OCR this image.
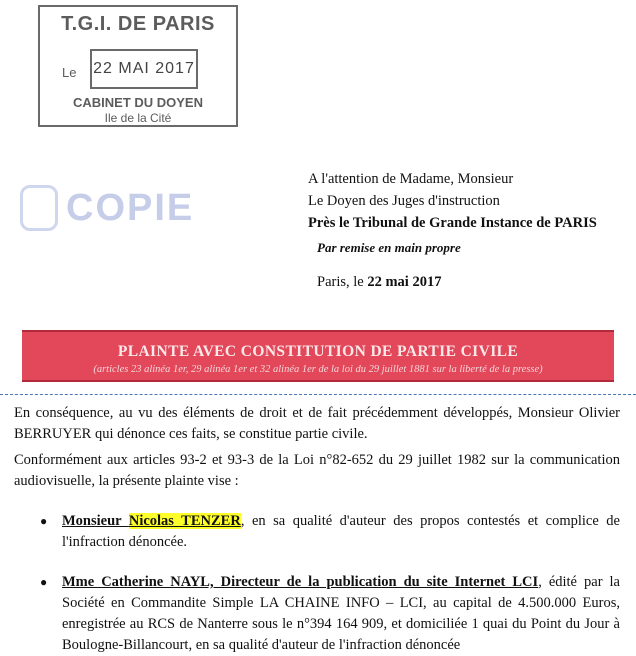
T.G.I. DE PARIS
Le 22 MAI 2017
CABINET DU DOYEN
Ile de la Cité
COPIE
A l'attention de Madame, Monsieur
Le Doyen des Juges d'instruction
Près le Tribunal de Grande Instance de PARIS
Par remise en main propre
Paris, le 22 mai 2017
PLAINTE AVEC CONSTITUTION DE PARTIE CIVILE
(articles 23 alinéa 1er, 29 alinéa 1er et 32 alinéa 1er de la loi du 29 juillet 1881 sur la liberté de la presse)
En conséquence, au vu des éléments de droit et de fait précédemment développés, Monsieur Olivier BERRUYER qui dénonce ces faits, se constitue partie civile.
Conformément aux articles 93-2 et 93-3 de la Loi n°82-652 du 29 juillet 1982 sur la communication audiovisuelle, la présente plainte vise :
● Monsieur Nicolas TENZER, en sa qualité d'auteur des propos contestés et complice de l'infraction dénoncée.
● Mme Catherine NAYL, Directeur de la publication du site Internet LCI, édité par la Société en Commandite Simple LA CHAINE INFO – LCI, au capital de 4.500.000 Euros, enregistrée au RCS de Nanterre sous le n°394 164 909, et domiciliée 1 quai du Point du Jour à Boulogne-Billancourt, en sa qualité d'auteur de l'infraction dénoncée
